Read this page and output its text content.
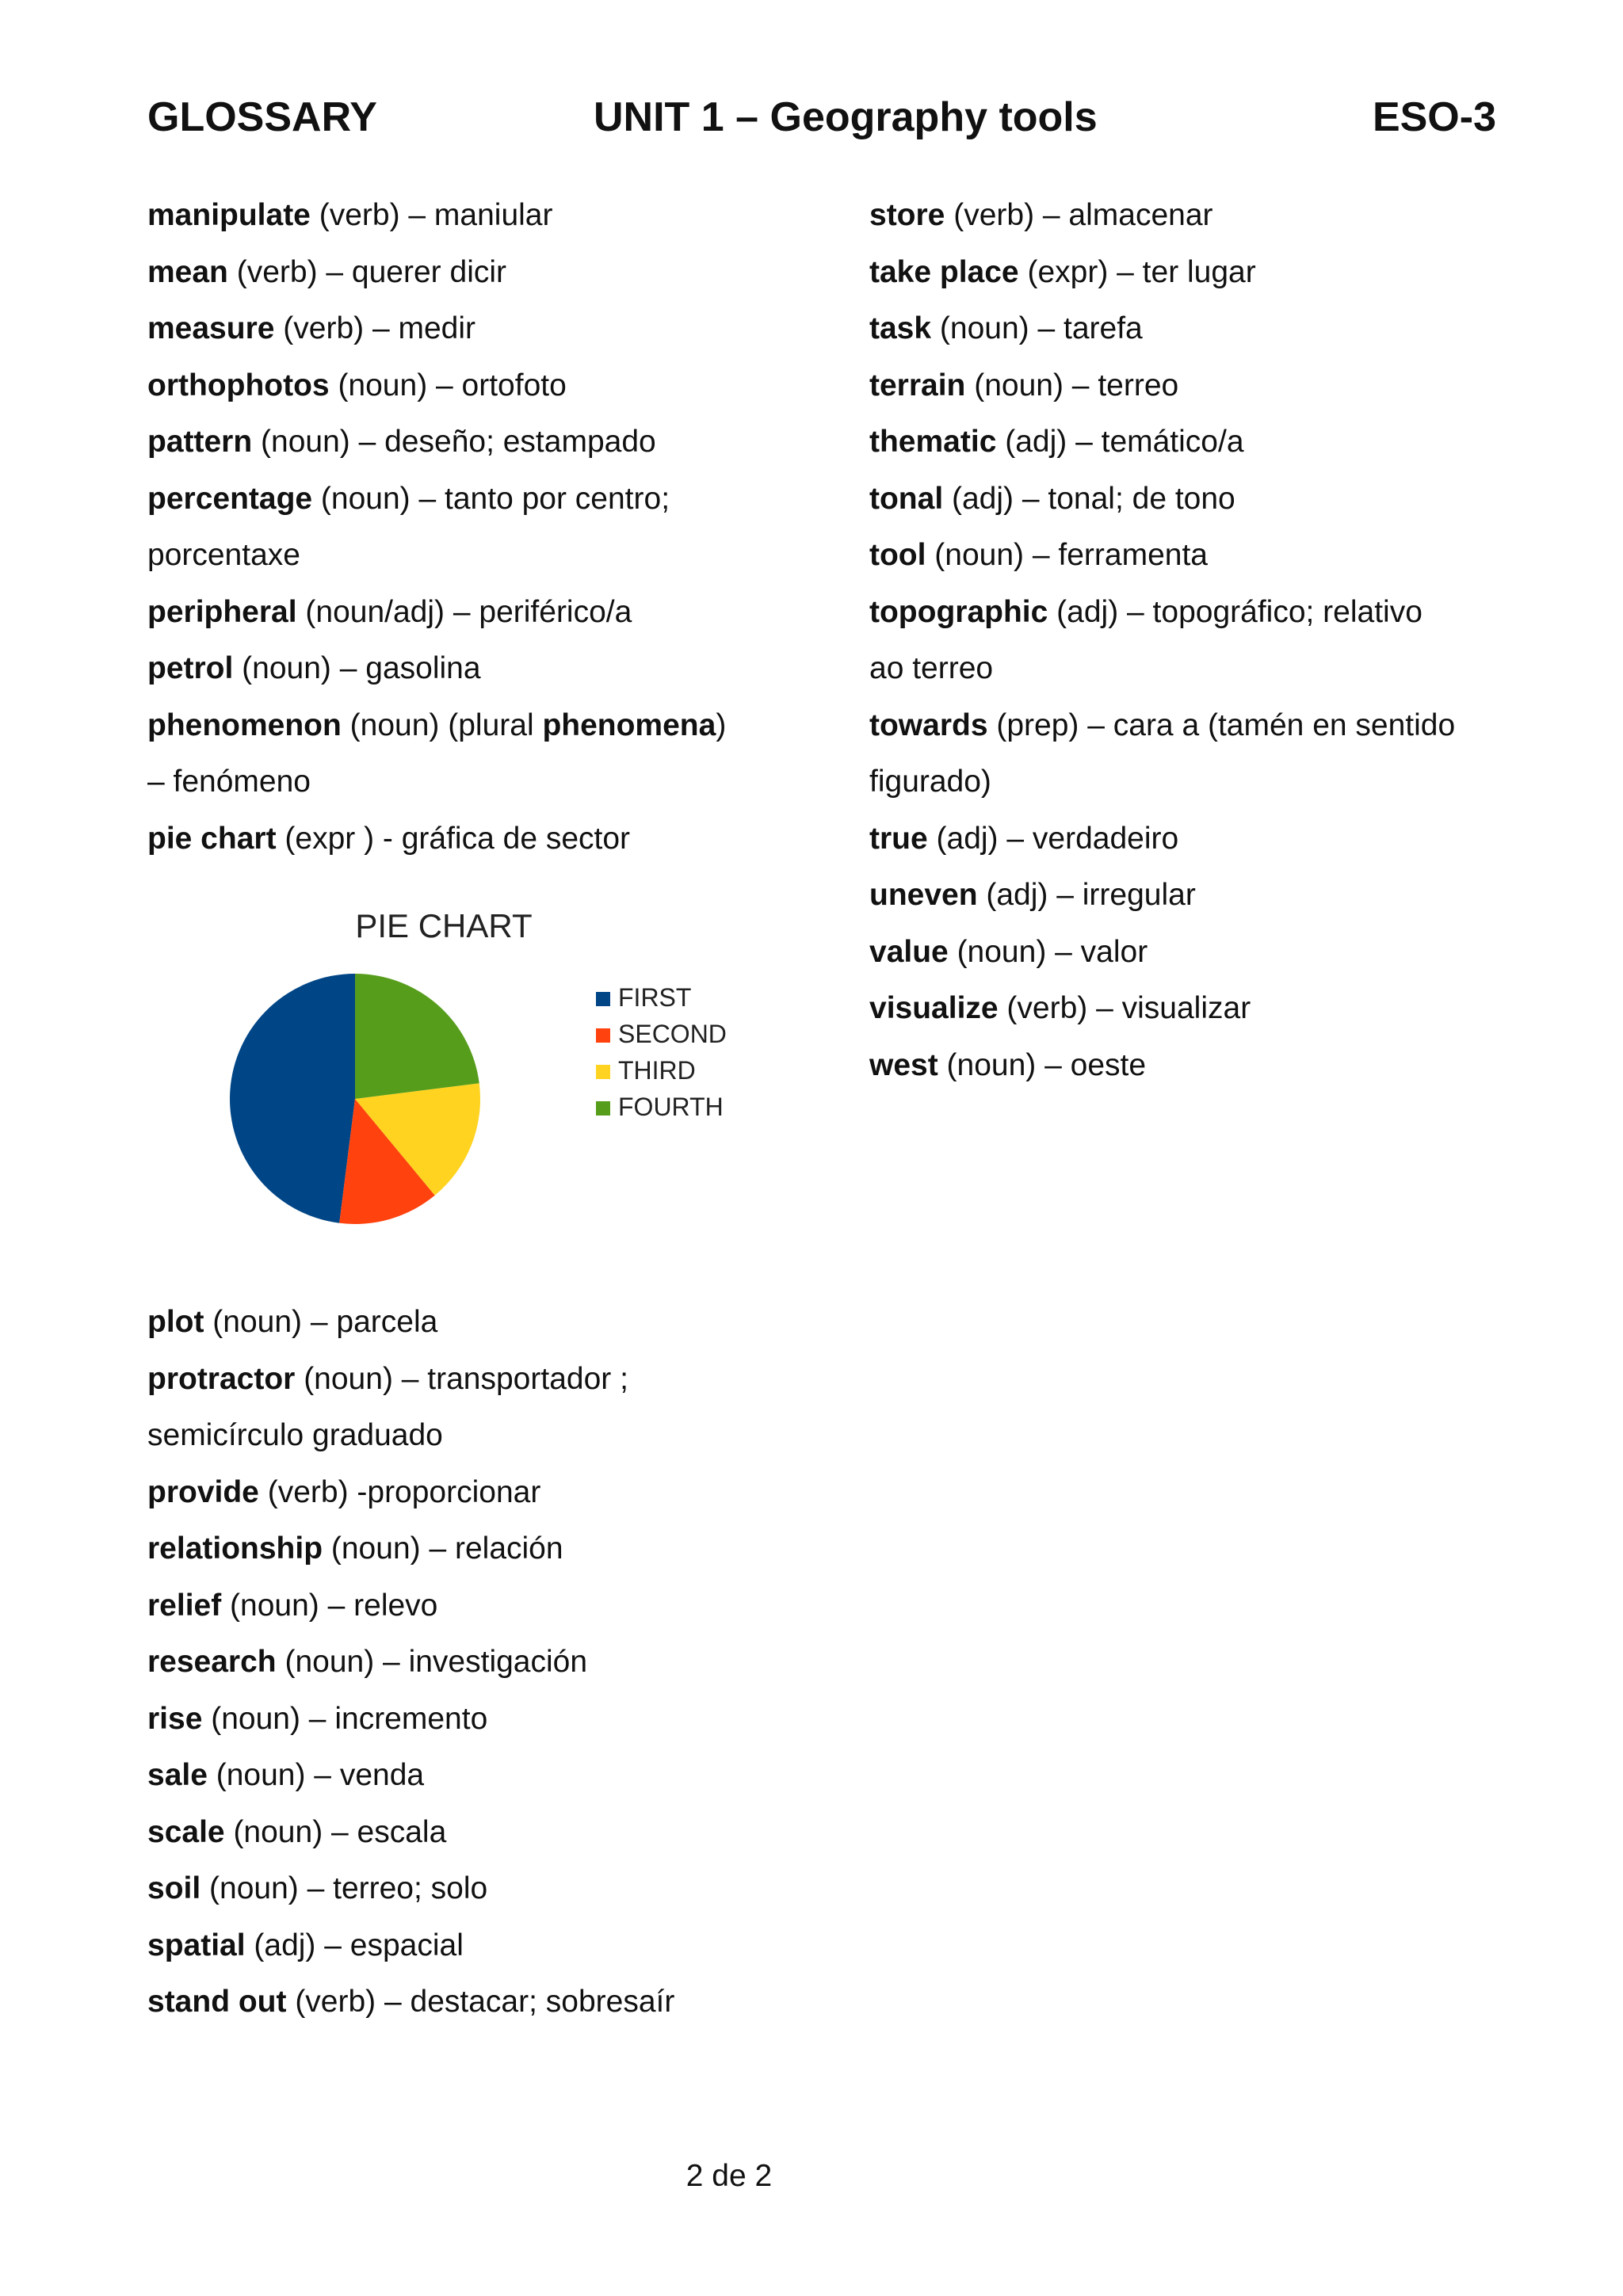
GLOSSARY	UNIT 1 – Geography tools	ESO-3
manipulate (verb) – maniular
mean (verb) – querer dicir
measure (verb) – medir
orthophotos (noun) – ortofoto
pattern (noun) – deseño; estampado
percentage (noun) – tanto por centro;
porcentaxe
peripheral (noun/adj) – periférico/a
petrol (noun) – gasolina
phenomenon (noun) (plural phenomena)
– fenómeno
pie chart (expr ) - gráfica de sector
PIE CHART
FIRST
SECOND
THIRD
FOURTH
plot (noun) – parcela
protractor (noun) – transportador ;
semicírculo graduado
provide (verb) -proporcionar
relationship (noun) – relación
relief (noun) – relevo
research (noun) – investigación
rise (noun) – incremento
sale (noun) – venda
scale (noun) – escala
soil (noun) – terreo; solo
spatial (adj) – espacial
stand out (verb) – destacar; sobresaír
store (verb) – almacenar
take place (expr) – ter lugar
task (noun) – tarefa
terrain (noun) – terreo
thematic (adj) – temático/a
tonal (adj) – tonal; de tono
tool (noun) – ferramenta
topographic (adj) – topográfico; relativo
ao terreo
towards (prep) – cara a (tamén en sentido
figurado)
true (adj) – verdadeiro
uneven (adj) – irregular
value (noun) – valor
visualize (verb) – visualizar
west (noun) – oeste
2 de 2
